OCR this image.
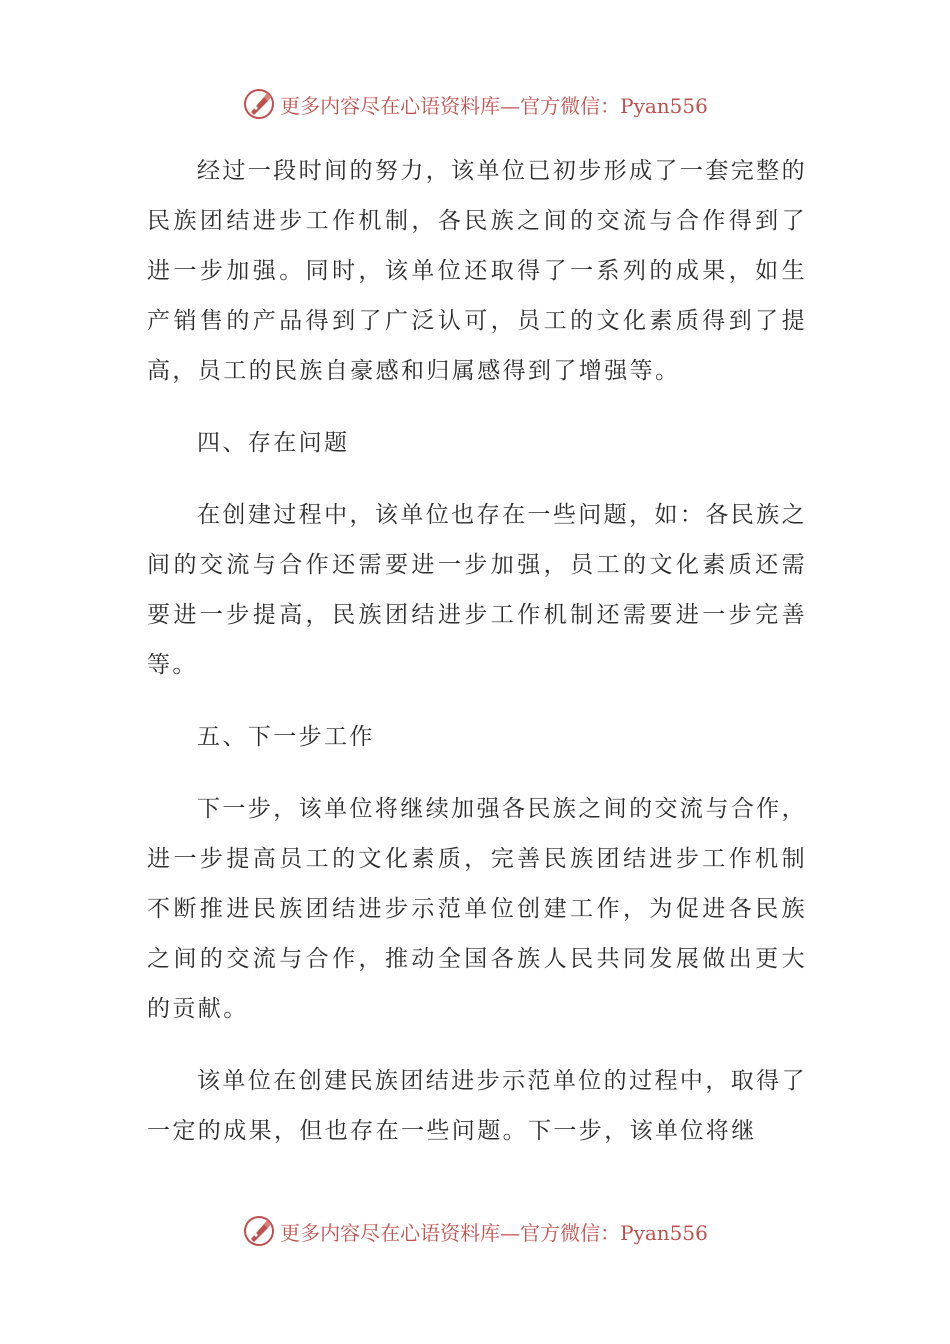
更多内容尽在心语资料库—官方微信：Pyan556

经过一段时间的努力，该单位已初步形成了一套完整的民族团结进步工作机制，各民族之间的交流与合作得到了进一步加强。同时，该单位还取得了一系列的成果，如生产销售的产品得到了广泛认可，员工的文化素质得到了提高，员工的民族自豪感和归属感得到了增强等。

四、存在问题

在创建过程中，该单位也存在一些问题，如：各民族之间的交流与合作还需要进一步加强，员工的文化素质还需要进一步提高，民族团结进步工作机制还需要进一步完善等。

五、下一步工作

下一步，该单位将继续加强各民族之间的交流与合作，进一步提高员工的文化素质，完善民族团结进步工作机制不断推进民族团结进步示范单位创建工作，为促进各民族之间的交流与合作，推动全国各族人民共同发展做出更大的贡献。

该单位在创建民族团结进步示范单位的过程中，取得了一定的成果，但也存在一些问题。下一步，该单位将继

更多内容尽在心语资料库—官方微信：Pyan556
